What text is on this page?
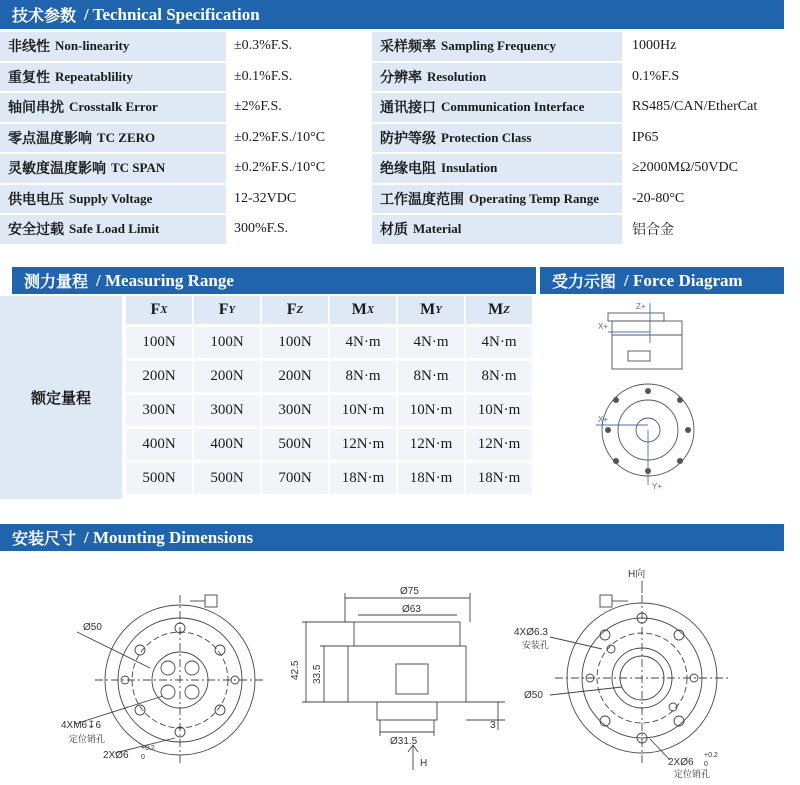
技术参数 / Technical Specification
非线性 Non-linearity	±0.3%F.S.	采样频率 Sampling Frequency	1000Hz
重复性 Repeatablility	±0.1%F.S.	分辨率 Resolution	0.1%F.S
轴间串扰 Crosstalk Error	±2%F.S.	通讯接口 Communication Interface	RS485/CAN/EtherCat
零点温度影响 TC ZERO	±0.2%F.S./10°C	防护等级 Protection Class	IP65
灵敏度温度影响 TC SPAN	±0.2%F.S./10°C	绝缘电阻 Insulation	≥2000MΩ/50VDC
供电电压 Supply Voltage	12-32VDC	工作温度范围 Operating Temp Range	-20-80°C
安全过载 Safe Load Limit	300%F.S.	材质 Material	铝合金
测力量程 / Measuring Range
额定量程
F X	F Y	F Z	M X	M Y	M Z
100N	100N	100N	4N·m	4N·m	4N·m
200N	200N	200N	8N·m	8N·m	8N·m
300N	300N	300N	10N·m	10N·m	10N·m
400N	400N	500N	12N·m	12N·m	12N·m
500N	500N	700N	18N·m	18N·m	18N·m
受力示图 / Force Diagram
Z+
X+
X+
Y+
安装尺寸 / Mounting Dimensions
Ø50
4XM6↧6
定位销孔
2XØ6
+0.2
0
Ø75
Ø63
42.5 33.5
Ø31.5
3
H
H向
4XØ6.3
安装孔
Ø50
2XØ6
+0.2
0
定位销孔
